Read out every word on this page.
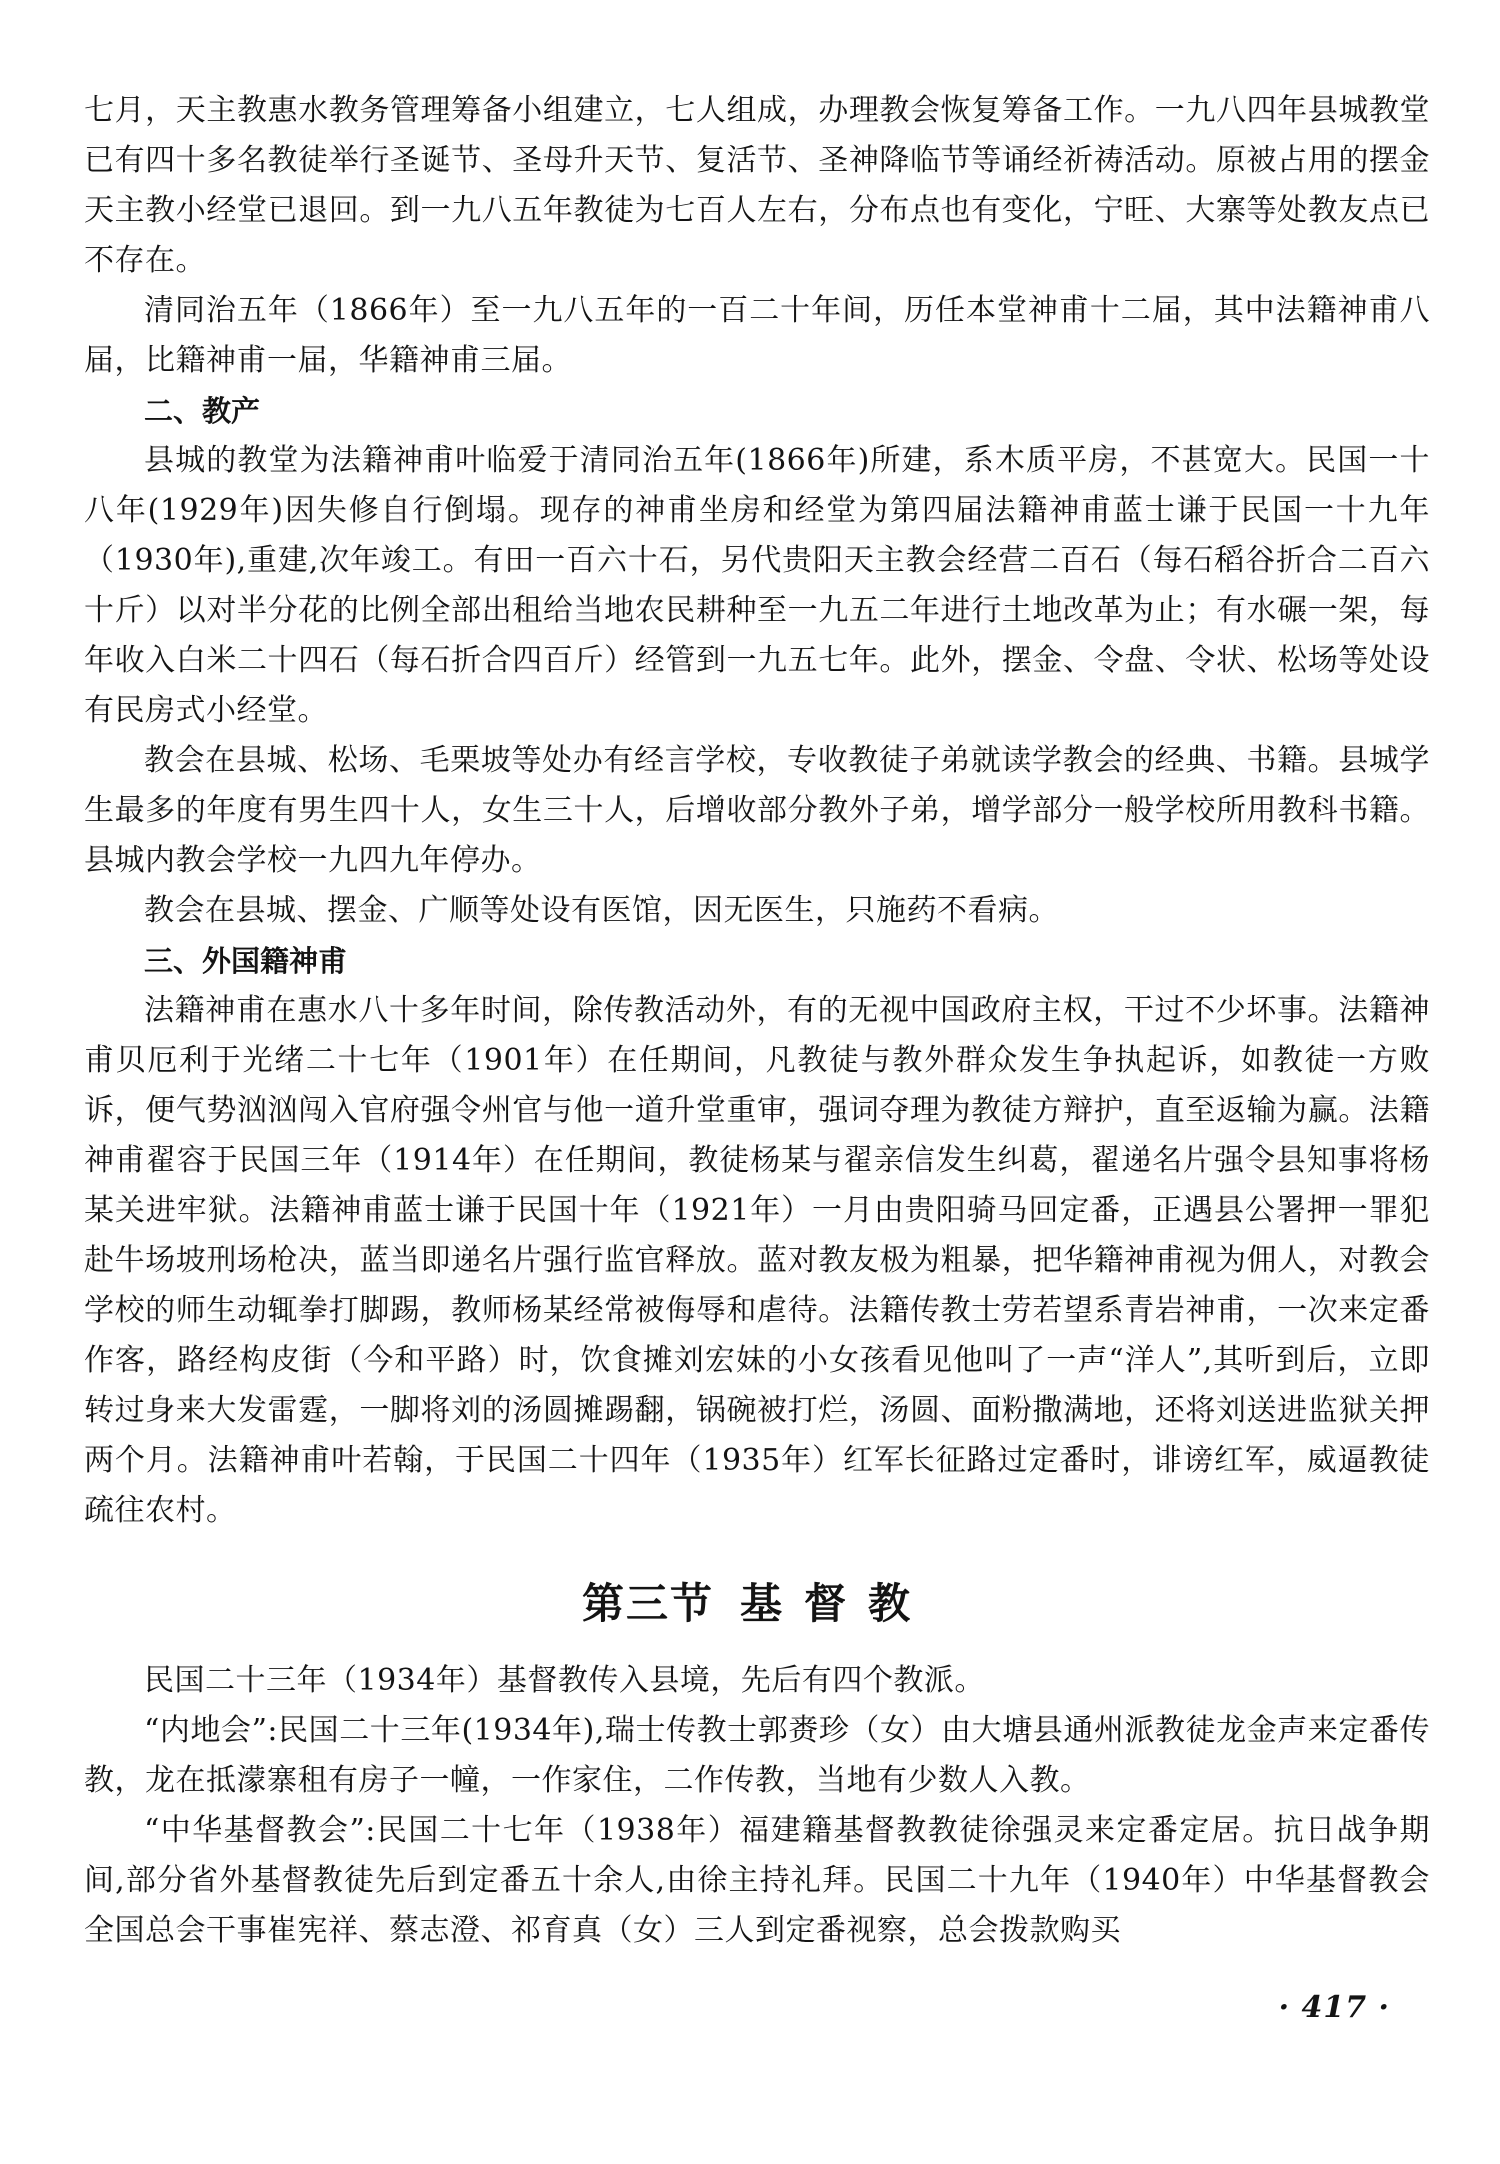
七月，天主教惠水教务管理筹备小组建立，七人组成，办理教会恢复筹备工作。一九八四年县城教堂已有四十多名教徒举行圣诞节、圣母升天节、复活节、圣神降临节等诵经祈祷活动。原被占用的摆金天主教小经堂已退回。到一九八五年教徒为七百人左右，分布点也有变化，宁旺、大寨等处教友点已不存在。

清同治五年（1866年）至一九八五年的一百二十年间，历任本堂神甫十二届，其中法籍神甫八届，比籍神甫一届，华籍神甫三届。

二、教产

县城的教堂为法籍神甫叶临爱于清同治五年(1866年)所建，系木质平房，不甚宽大。民国一十八年(1929年)因失修自行倒塌。现存的神甫坐房和经堂为第四届法籍神甫蓝士谦于民国一十九年（1930年),重建,次年竣工。有田一百六十石，另代贵阳天主教会经营二百石（每石稻谷折合二百六十斤）以对半分花的比例全部出租给当地农民耕种至一九五二年进行土地改革为止；有水碾一架，每年收入白米二十四石（每石折合四百斤）经管到一九五七年。此外，摆金、令盘、令状、松场等处设有民房式小经堂。

教会在县城、松场、毛栗坡等处办有经言学校，专收教徒子弟就读学教会的经典、书籍。县城学生最多的年度有男生四十人，女生三十人，后增收部分教外子弟，增学部分一般学校所用教科书籍。县城内教会学校一九四九年停办。

教会在县城、摆金、广顺等处设有医馆，因无医生，只施药不看病。

三、外国籍神甫

法籍神甫在惠水八十多年时间，除传教活动外，有的无视中国政府主权，干过不少坏事。法籍神甫贝厄利于光绪二十七年（1901年）在任期间，凡教徒与教外群众发生争执起诉，如教徒一方败诉，便气势汹汹闯入官府强令州官与他一道升堂重审，强词夺理为教徒方辩护，直至返输为赢。法籍神甫翟容于民国三年（1914年）在任期间，教徒杨某与翟亲信发生纠葛，翟递名片强令县知事将杨某关进牢狱。法籍神甫蓝士谦于民国十年（1921年）一月由贵阳骑马回定番，正遇县公署押一罪犯赴牛场坡刑场枪决，蓝当即递名片强行监官释放。蓝对教友极为粗暴，把华籍神甫视为佣人，对教会学校的师生动辄拳打脚踢，教师杨某经常被侮辱和虐待。法籍传教士劳若望系青岩神甫，一次来定番作客，路经构皮街（今和平路）时，饮食摊刘宏妹的小女孩看见他叫了一声“洋人”,其听到后，立即转过身来大发雷霆，一脚将刘的汤圆摊踢翻，锅碗被打烂，汤圆、面粉撒满地，还将刘送进监狱关押两个月。法籍神甫叶若翰，于民国二十四年（1935年）红军长征路过定番时，诽谤红军，威逼教徒疏往农村。

第三节 基督教

民国二十三年（1934年）基督教传入县境，先后有四个教派。

“内地会”:民国二十三年(1934年),瑞士传教士郭赉珍（女）由大塘县通州派教徒龙金声来定番传教，龙在抵濛寨租有房子一幢，一作家住，二作传教，当地有少数人入教。

“中华基督教会”:民国二十七年（1938年）福建籍基督教教徒徐强灵来定番定居。抗日战争期间,部分省外基督教徒先后到定番五十余人,由徐主持礼拜。民国二十九年（1940年）中华基督教会全国总会干事崔宪祥、蔡志澄、祁育真（女）三人到定番视察，总会拨款购买

· 417 ·
